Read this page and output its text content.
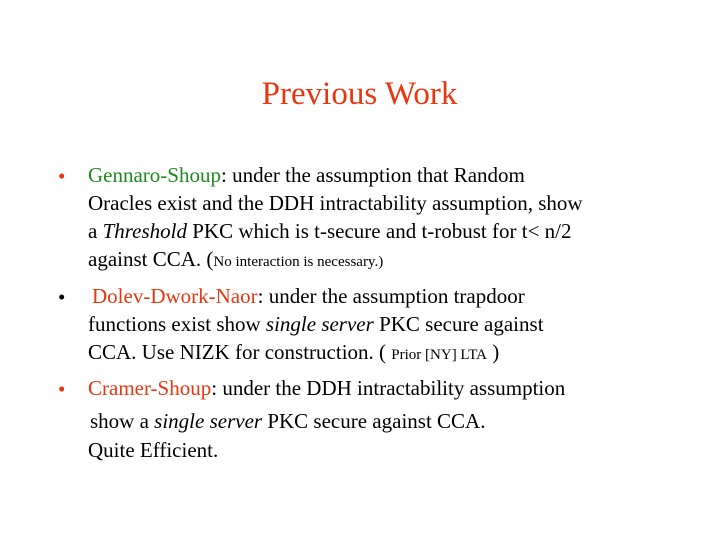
Previous Work
• Gennaro-Shoup: under the assumption that Random
Oracles exist and the DDH intractability assumption, show
a Threshold PKC which is t-secure and t-robust for t< n/2
against CCA. (No interaction is necessary.)
• Dolev-Dwork-Naor: under the assumption trapdoor
functions exist show single server PKC secure against
CCA. Use NIZK for construction. ( Prior [NY] LTA )
• Cramer-Shoup: under the DDH intractability assumption
show a single server PKC secure against CCA.
Quite Efficient.
